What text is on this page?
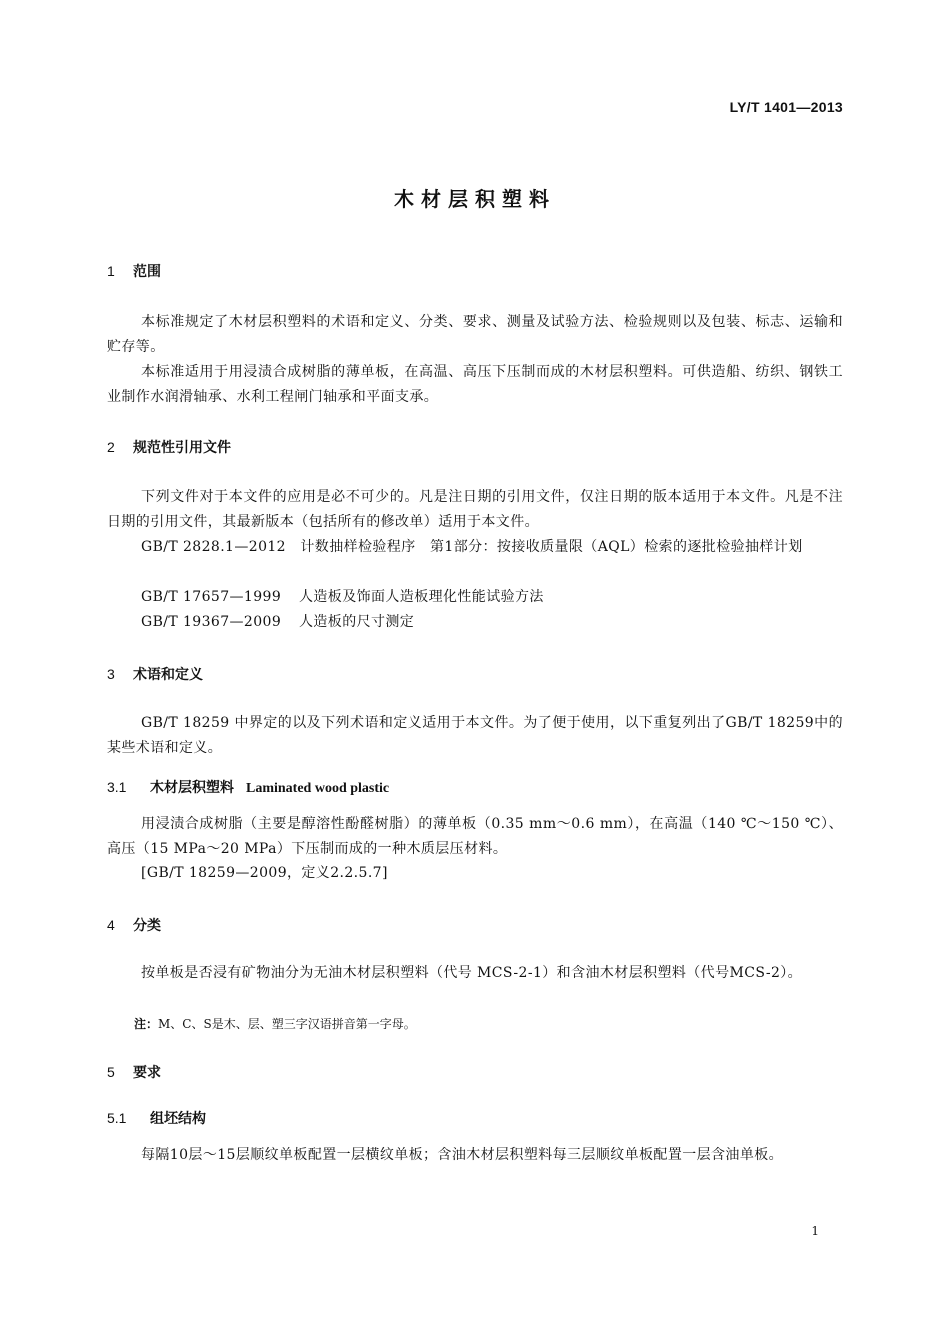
LY/T 1401—2013
木材层积塑料
1 范围
本标准规定了木材层积塑料的术语和定义、分类、要求、测量及试验方法、检验规则以及包装、标志、运输和贮存等。
本标准适用于用浸渍合成树脂的薄单板，在高温、高压下压制而成的木材层积塑料。可供造船、纺织、钢铁工业制作水润滑轴承、水利工程闸门轴承和平面支承。
2 规范性引用文件
下列文件对于本文件的应用是必不可少的。凡是注日期的引用文件，仅注日期的版本适用于本文件。凡是不注日期的引用文件，其最新版本（包括所有的修改单）适用于本文件。
GB/T 2828.1—2012　 计数抽样检验程序　第1部分：按接收质量限（AQL）检索的逐批检验抽样计划
GB/T 17657—1999 人造板及饰面人造板理化性能试验方法
GB/T 19367—2009 人造板的尺寸测定
3 术语和定义
GB/T 18259 中界定的以及下列术语和定义适用于本文件。为了便于使用，以下重复列出了GB/T 18259中的某些术语和定义。
3.1 木材层积塑料 Laminated wood plastic
用浸渍合成树脂（主要是醇溶性酚醛树脂）的薄单板（0.35 mm～0.6 mm），在高温（140 ℃～150 ℃）、高压（15 MPa～20 MPa）下压制而成的一种木质层压材料。
[GB/T 18259—2009，定义2.2.5.7]
4 分类
按单板是否浸有矿物油分为无油木材层积塑料（代号 MCS-2-1）和含油木材层积塑料（代号MCS-2）。
注：M、C、S是木、层、塑三字汉语拼音第一字母。
5 要求
5.1 组坯结构
每隔10层～15层顺纹单板配置一层横纹单板；含油木材层积塑料每三层顺纹单板配置一层含油单板。
1
